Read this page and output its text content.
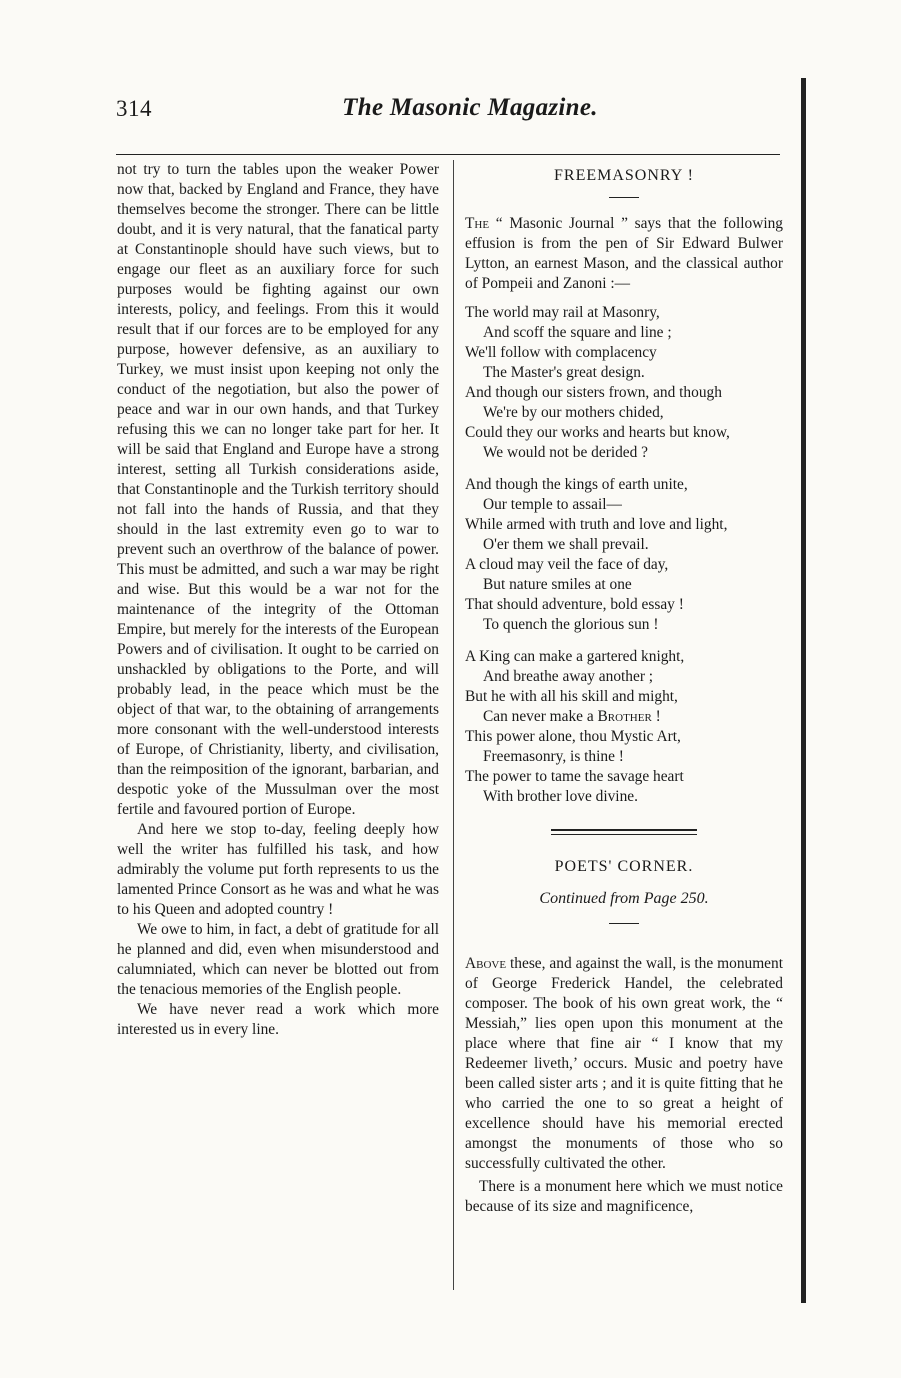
314	The Masonic Magazine.

not try to turn the tables upon the weaker Power now that, backed by England and France, they have themselves become the stronger. There can be little doubt, and it is very natural, that the fanatical party at Constantinople should have such views, but to engage our fleet as an auxiliary force for such purposes would be fighting against our own interests, policy, and feelings. From this it would result that if our forces are to be employed for any purpose, however defensive, as an auxiliary to Turkey, we must insist upon keeping not only the conduct of the negotiation, but also the power of peace and war in our own hands, and that Turkey refusing this we can no longer take part for her. It will be said that England and Europe have a strong interest, setting all Turkish considerations aside, that Constantinople and the Turkish territory should not fall into the hands of Russia, and that they should in the last extremity even go to war to prevent such an overthrow of the balance of power. This must be admitted, and such a war may be right and wise. But this would be a war not for the maintenance of the integrity of the Ottoman Empire, but merely for the interests of the European Powers and of civilisation. It ought to be carried on unshackled by obligations to the Porte, and will probably lead, in the peace which must be the object of that war, to the obtaining of arrangements more consonant with the well-understood interests of Europe, of Christianity, liberty, and civilisation, than the reimposition of the ignorant, barbarian, and despotic yoke of the Mussulman over the most fertile and favoured portion of Europe.

And here we stop to-day, feeling deeply how well the writer has fulfilled his task, and how admirably the volume put forth represents to us the lamented Prince Consort as he was and what he was to his Queen and adopted country !

We owe to him, in fact, a debt of gratitude for all he planned and did, even when misunderstood and calumniated, which can never be blotted out from the tenacious memories of the English people.

We have never read a work which more interested us in every line.

FREEMASONRY !

The “ Masonic Journal ” says that the following effusion is from the pen of Sir Edward Bulwer Lytton, an earnest Mason, and the classical author of Pompeii and Zanoni :—

The world may rail at Masonry,
And scoff the square and line ;
We'll follow with complacency
The Master's great design.
And though our sisters frown, and though
We're by our mothers chided,
Could they our works and hearts but know,
We would not be derided ?
And though the kings of earth unite,
Our temple to assail—
While armed with truth and love and light,
O'er them we shall prevail.
A cloud may veil the face of day,
But nature smiles at one
That should adventure, bold essay !
To quench the glorious sun !
A King can make a gartered knight,
And breathe away another ;
But he with all his skill and might,
Can never make a Brother !
This power alone, thou Mystic Art,
Freemasonry, is thine !
The power to tame the savage heart
With brother love divine.

POETS' CORNER.

Continued from Page 250.

Above these, and against the wall, is the monument of George Frederick Handel, the celebrated composer. The book of his own great work, the “ Messiah,” lies open upon this monument at the place where that fine air “ I know that my Redeemer liveth,’ occurs. Music and poetry have been called sister arts ; and it is quite fitting that he who carried the one to so great a height of excellence should have his memorial erected amongst the monuments of those who so successfully cultivated the other.

There is a monument here which we must notice because of its size and magnificence,
